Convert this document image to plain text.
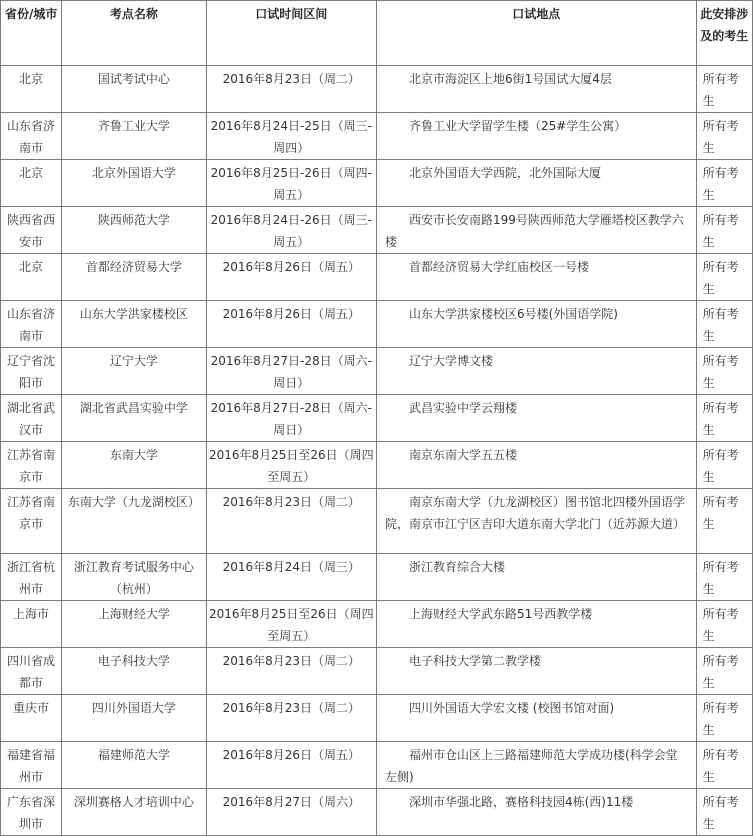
省份/城市	考点名称	口试时间区间	口试地点	此安排涉及的考生
北京	国试考试中心	2016年8月23日（周二）	北京市海淀区上地6街1号国试大厦4层	所有考生
山东省济南市	齐鲁工业大学	2016年8月24日-25日（周三-周四）	齐鲁工业大学留学生楼（25#学生公寓）	所有考生
北京	北京外国语大学	2016年8月25日-26日（周四-周五）	北京外国语大学西院，北外国际大厦	所有考生
陕西省西安市	陕西师范大学	2016年8月24日-26日（周三-周五）	西安市长安南路199号陕西师范大学雁塔校区教学六楼	所有考生
北京	首都经济贸易大学	2016年8月26日（周五）	首都经济贸易大学红庙校区一号楼	所有考生
山东省济南市	山东大学洪家楼校区	2016年8月26日（周五）	山东大学洪家楼校区6号楼(外国语学院)	所有考生
辽宁省沈阳市	辽宁大学	2016年8月27日-28日（周六-周日）	辽宁大学博文楼	所有考生
湖北省武汉市	湖北省武昌实验中学	2016年8月27日-28日（周六-周日）	武昌实验中学云翔楼	所有考生
江苏省南京市	东南大学	2016年8月25日至26日（周四至周五）	南京东南大学五五楼	所有考生
江苏省南京市	东南大学（九龙湖校区）	2016年8月23日（周二）	南京东南大学（九龙湖校区）图书馆北四楼外国语学院，南京市江宁区吉印大道东南大学北门（近苏源大道）	所有考生
浙江省杭州市	浙江教育考试服务中心（杭州）	2016年8月24日（周三）	浙江教育综合大楼	所有考生
上海市	上海财经大学	2016年8月25日至26日（周四至周五）	上海财经大学武东路51号西教学楼	所有考生
四川省成都市	电子科技大学	2016年8月23日（周二）	电子科技大学第二教学楼	所有考生
重庆市	四川外国语大学	2016年8月23日（周二）	四川外国语大学宏文楼 (校图书馆对面)	所有考生
福建省福州市	福建师范大学	2016年8月26日（周五）	福州市仓山区上三路福建师范大学成功楼(科学会堂左侧)	所有考生
广东省深圳市	深圳赛格人才培训中心	2016年8月27日（周六）	深圳市华强北路，赛格科技园4栋(西)11楼	所有考生
